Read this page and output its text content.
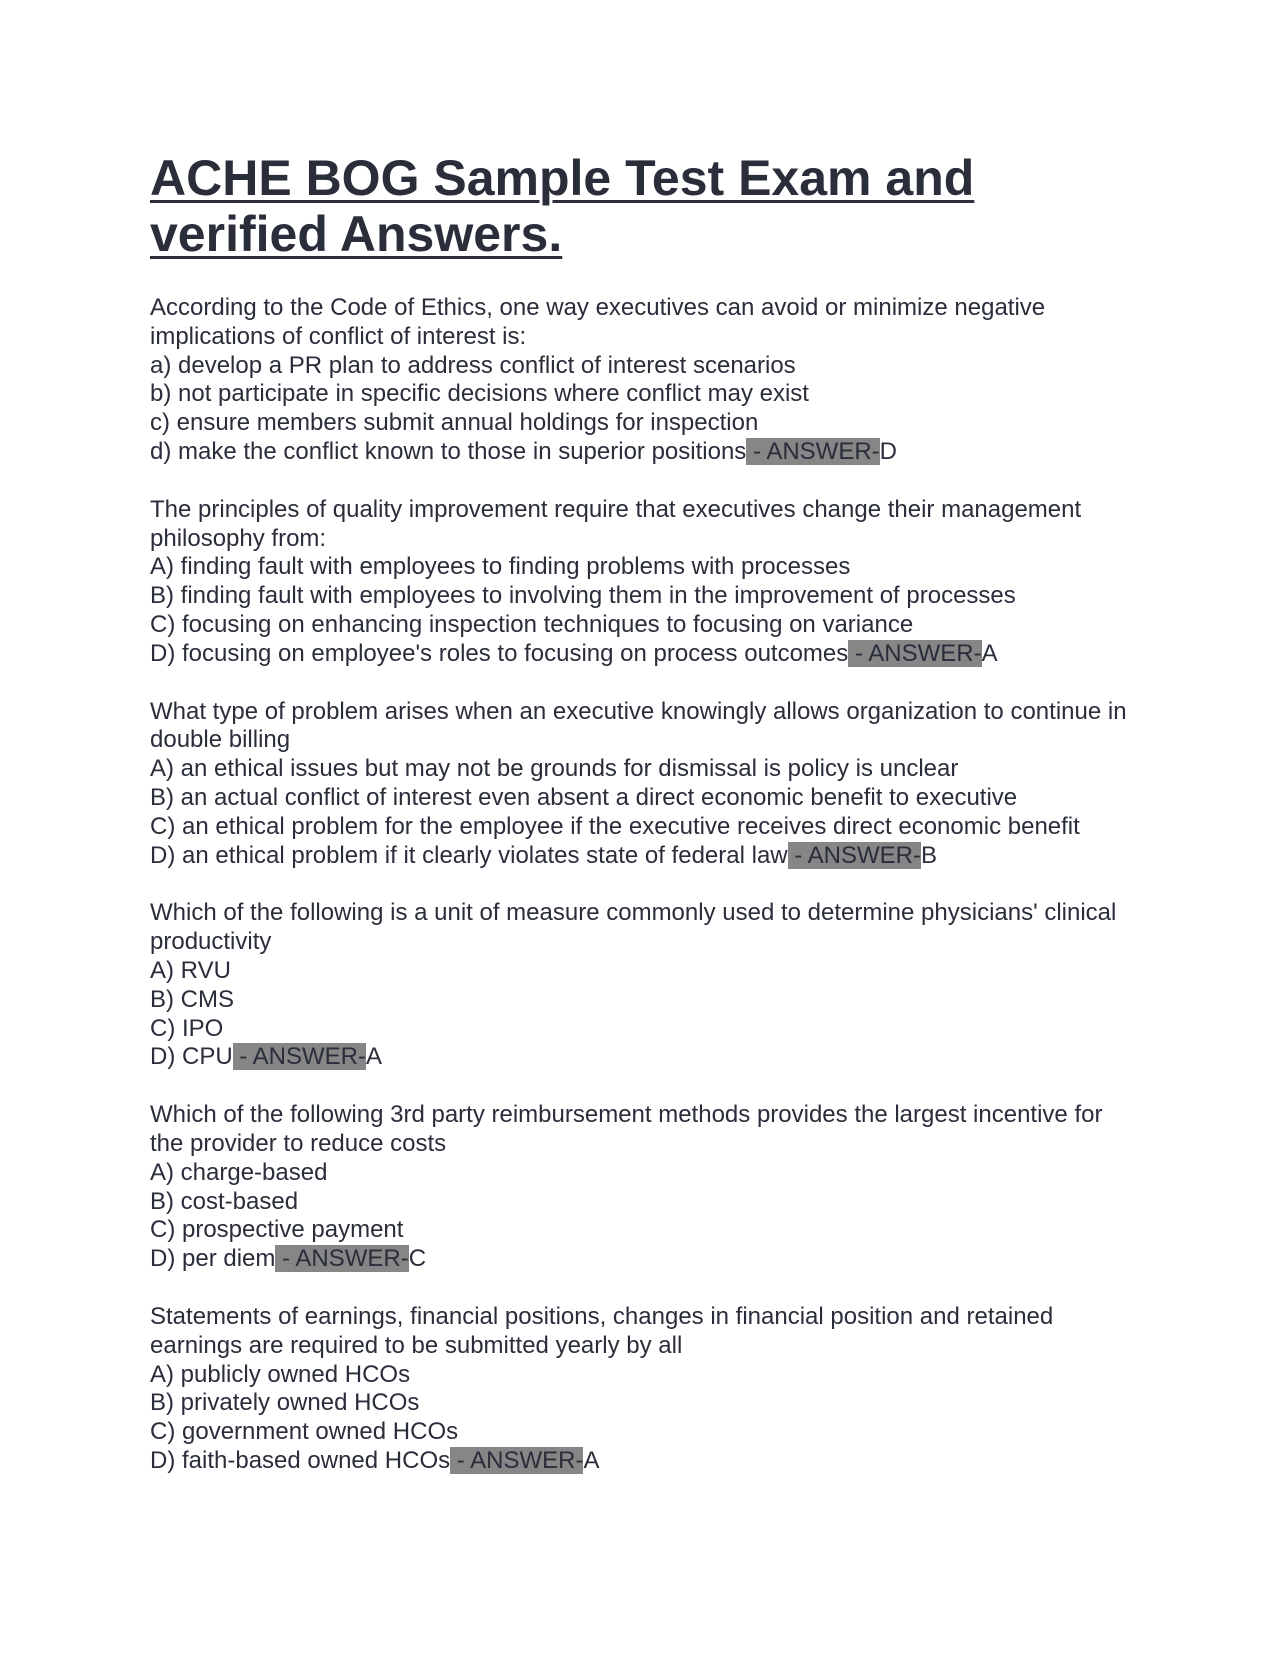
ACHE BOG Sample Test Exam and verified Answers.
According to the Code of Ethics, one way executives can avoid or minimize negative implications of conflict of interest is:
a) develop a PR plan to address conflict of interest scenarios
b) not participate in specific decisions where conflict may exist
c) ensure members submit annual holdings for inspection
d) make the conflict known to those in superior positions - ANSWER-D
The principles of quality improvement require that executives change their management philosophy from:
A) finding fault with employees to finding problems with processes
B) finding fault with employees to involving them in the improvement of processes
C) focusing on enhancing inspection techniques to focusing on variance
D) focusing on employee's roles to focusing on process outcomes - ANSWER-A
What type of problem arises when an executive knowingly allows organization to continue in double billing
A) an ethical issues but may not be grounds for dismissal is policy is unclear
B) an actual conflict of interest even absent a direct economic benefit to executive
C) an ethical problem for the employee if the executive receives direct economic benefit
D) an ethical problem if it clearly violates state of federal law - ANSWER-B
Which of the following is a unit of measure commonly used to determine physicians' clinical productivity
A) RVU
B) CMS
C) IPO
D) CPU - ANSWER-A
Which of the following 3rd party reimbursement methods provides the largest incentive for the provider to reduce costs
A) charge-based
B) cost-based
C) prospective payment
D) per diem - ANSWER-C
Statements of earnings, financial positions, changes in financial position and retained earnings are required to be submitted yearly by all
A) publicly owned HCOs
B) privately owned HCOs
C) government owned HCOs
D) faith-based owned HCOs - ANSWER-A
